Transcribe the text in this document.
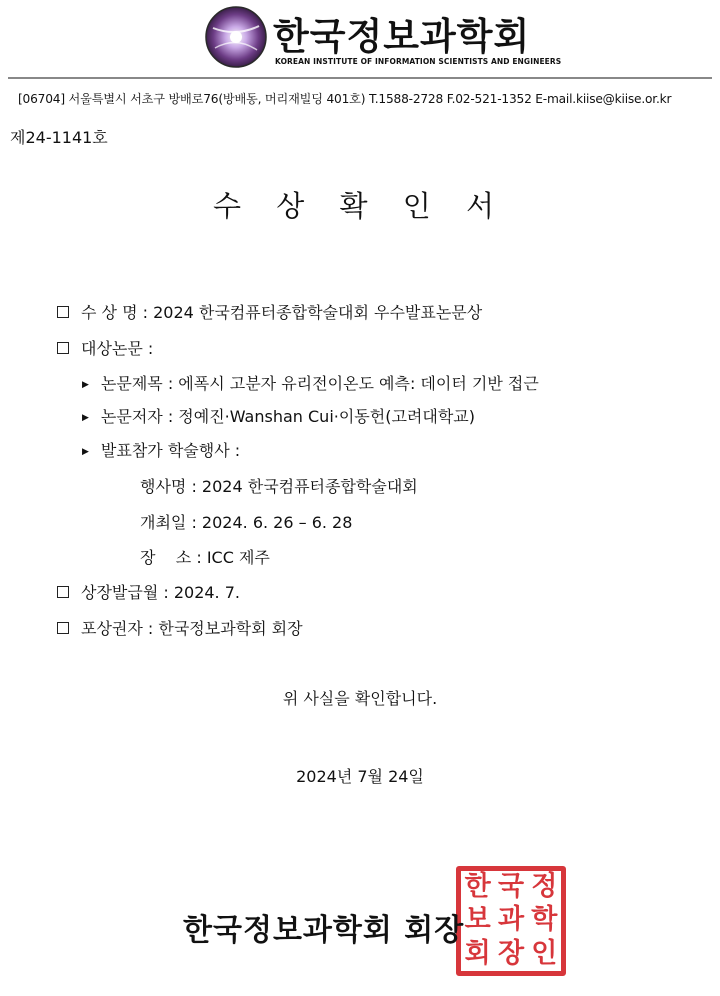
한국정보과학회
KOREAN INSTITUTE OF INFORMATION SCIENTISTS AND ENGINEERS
[06704] 서울특별시 서초구 방배로76(방배동, 머리재빌딩 401호) T.1588-2728 F.02-521-1352 E-mail.kiise@kiise.or.kr
제24-1141호
수 상 확 인 서
수 상 명 : 2024 한국컴퓨터종합학술대회 우수발표논문상
대상논문 :
▶ 논문제목 : 에폭시 고분자 유리전이온도 예측: 데이터 기반 접근
▶ 논문저자 : 정예진·Wanshan Cui·이동헌(고려대학교)
▶ 발표참가 학술행사 :
행사명 : 2024 한국컴퓨터종합학술대회
개최일 : 2024. 6. 26 – 6. 28
장    소 : ICC 제주
상장발급월 : 2024. 7.
포상권자 : 한국정보과학회 회장
위 사실을 확인합니다.
2024년 7월 24일
한 국 정
보 과 학
회 장 인
한국정보과학회 회장
